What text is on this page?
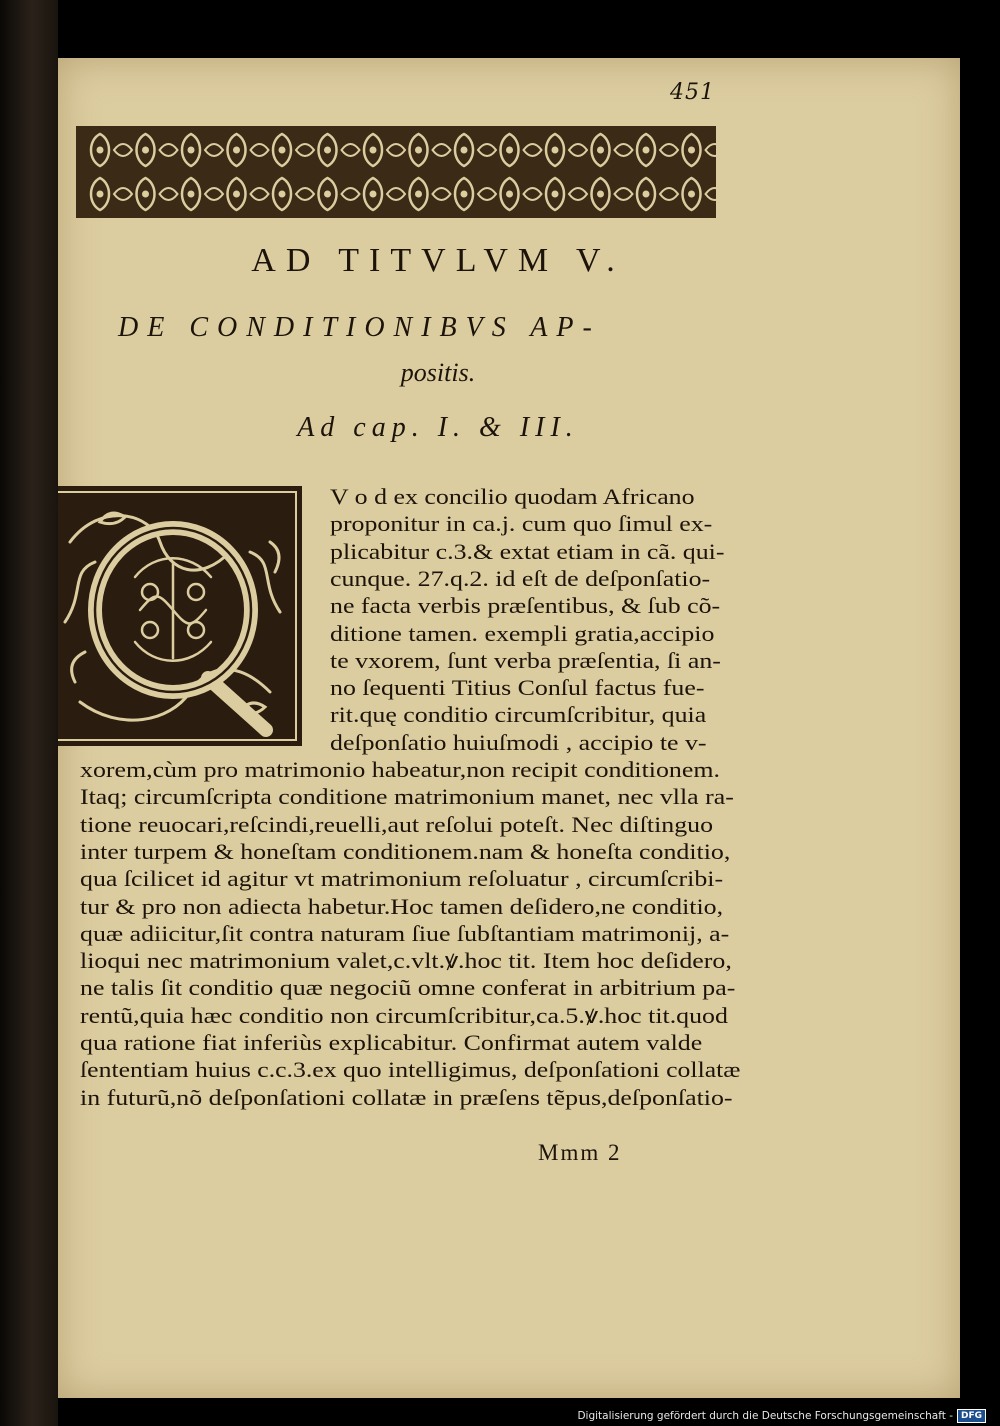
451
AD TITVLVM V.
DE CONDITIONIBVS AP-
positis.
Ad cap. I. & III.
V o d ex concilio quodam Africano
proponitur in ca.j. cum quo ſimul ex-
plicabitur c.3.& extat etiam in cã. qui-
cunque. 27.q.2. id eſt de deſponſatio-
ne facta verbis præſentibus, & ſub cõ-
ditione tamen. exempli gratia,accipio
te vxorem, ſunt verba præſentia, ſi an-
no ſequenti Titius Conſul factus fue-
rit.quę conditio circumſcribitur, quia
deſponſatio huiuſmodi , accipio te v-
xorem,cùm pro matrimonio habeatur,non recipit conditionem.
Itaq; circumſcripta conditione matrimonium manet, nec vlla ra-
tione reuocari,reſcindi,reuelli,aut reſolui poteſt. Nec diſtinguo
inter turpem & honeſtam conditionem.nam & honeſta conditio,
qua ſcilicet id agitur vt matrimonium reſoluatur , circumſcribi-
tur & pro non adiecta habetur.Hoc tamen deſidero,ne conditio,
quæ adiicitur,ſit contra naturam ſiue ſubſtantiam matrimonij, a-
lioqui nec matrimonium valet,c.vlt.ꝟ.hoc tit. Item hoc deſidero,
ne talis ſit conditio quæ negociũ omne conferat in arbitrium pa-
rentũ,quia hæc conditio non circumſcribitur,ca.5.ꝟ.hoc tit.quod
qua ratione fiat inferiùs explicabitur. Confirmat autem valde
ſententiam huius c.c.3.ex quo intelligimus, deſponſationi collatæ
in futurũ,nõ deſponſationi collatæ in præſens tẽpus,deſponſatio-
Mmm 2
Digitalisierung gefördert durch die Deutsche Forschungsgemeinschaft - DFG
